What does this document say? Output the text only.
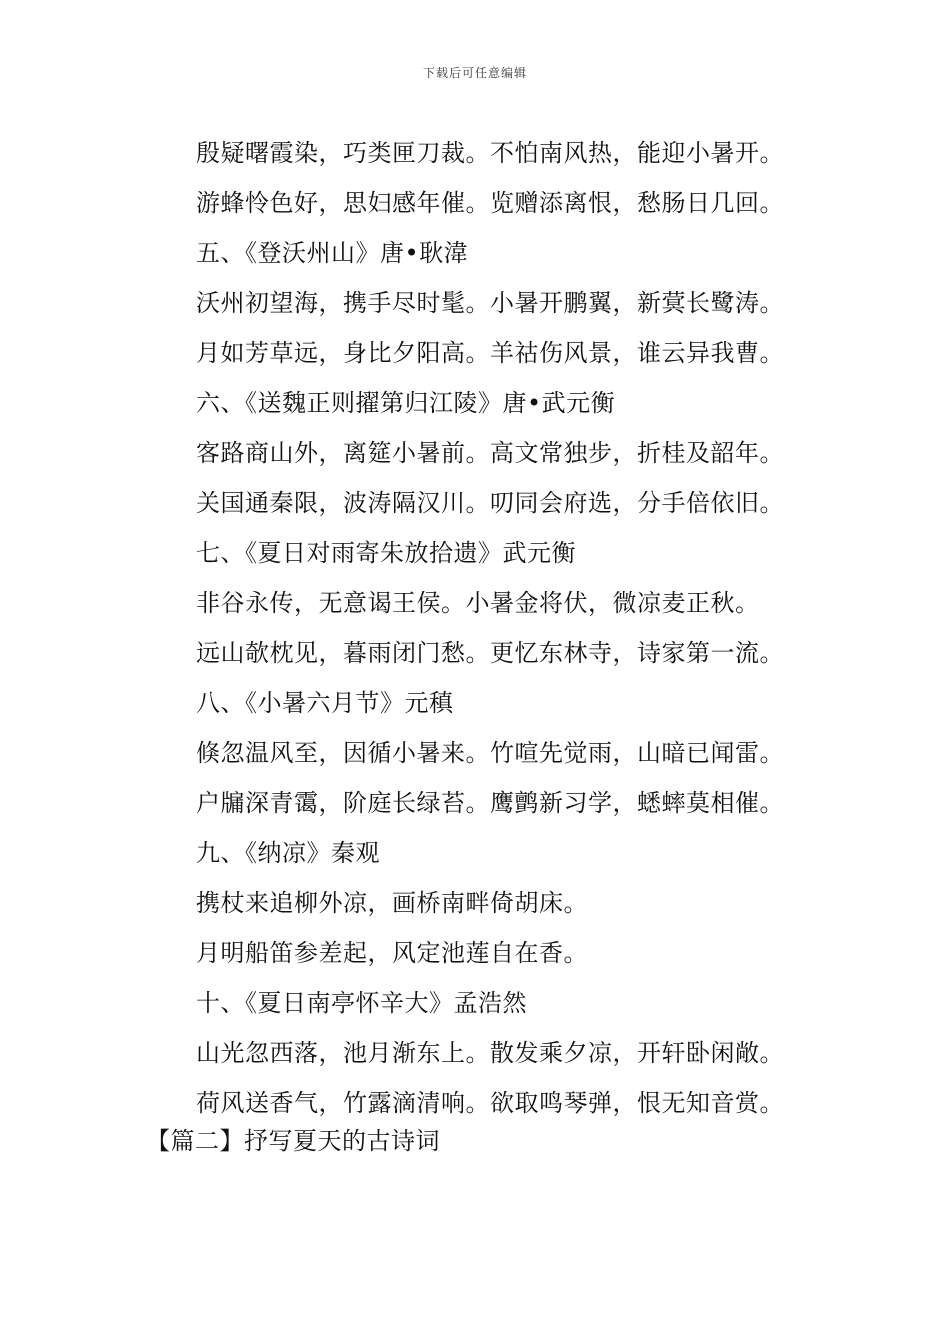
下载后可任意编辑
殷疑曙霞染，巧类匣刀裁。不怕南风热，能迎小暑开。
游蜂怜色好，思妇感年催。览赠添离恨，愁肠日几回。
五、《登沃州山》唐•耿湋
沃州初望海，携手尽时髦。小暑开鹏翼，新蓂长鹭涛。
月如芳草远，身比夕阳高。羊祜伤风景，谁云异我曹。
六、《送魏正则擢第归江陵》唐•武元衡
客路商山外，离筵小暑前。高文常独步，折桂及韶年。
关国通秦限，波涛隔汉川。叨同会府选，分手倍依旧。
七、《夏日对雨寄朱放拾遗》武元衡
非谷永传，无意谒王侯。小暑金将伏，微凉麦正秋。
远山欹枕见，暮雨闭门愁。更忆东林寺，诗家第一流。
八、《小暑六月节》元稹
倏忽温风至，因循小暑来。竹喧先觉雨，山暗已闻雷。
户牖深青霭，阶庭长绿苔。鹰鹯新习学，蟋蟀莫相催。
九、《纳凉》秦观
携杖来追柳外凉，画桥南畔倚胡床。
月明船笛参差起，风定池莲自在香。
十、《夏日南亭怀辛大》孟浩然
山光忽西落，池月渐东上。散发乘夕凉，开轩卧闲敞。
荷风送香气，竹露滴清响。欲取鸣琴弹，恨无知音赏。
【篇二】抒写夏天的古诗词
